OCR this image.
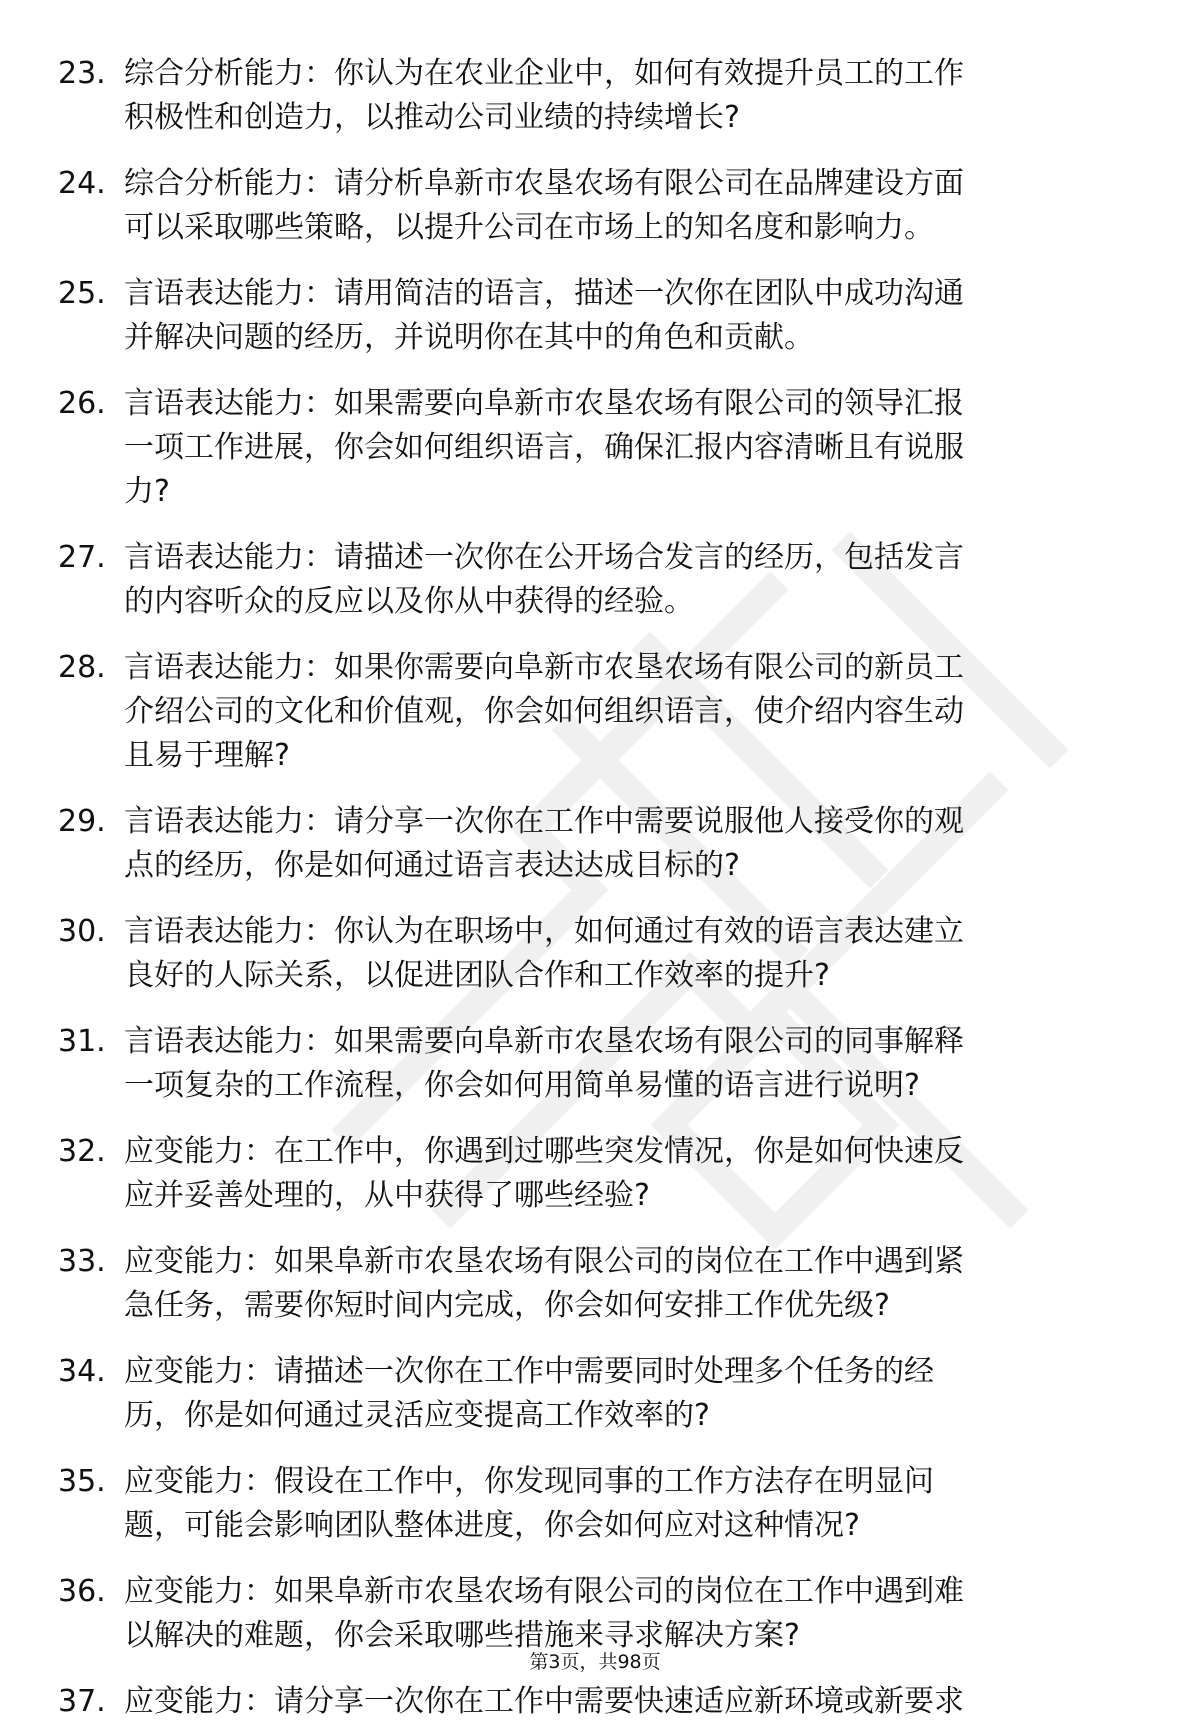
23. 综合分析能力：你认为在农业企业中，如何有效提升员工的工作
积极性和创造力，以推动公司业绩的持续增长?
24. 综合分析能力：请分析阜新市农垦农场有限公司在品牌建设方面
可以采取哪些策略，以提升公司在市场上的知名度和影响力。
25. 言语表达能力：请用简洁的语言，描述一次你在团队中成功沟通
并解决问题的经历，并说明你在其中的角色和贡献。
26. 言语表达能力：如果需要向阜新市农垦农场有限公司的领导汇报
一项工作进展，你会如何组织语言，确保汇报内容清晰且有说服
力?
27. 言语表达能力：请描述一次你在公开场合发言的经历，包括发言
的内容听众的反应以及你从中获得的经验。
28. 言语表达能力：如果你需要向阜新市农垦农场有限公司的新员工
介绍公司的文化和价值观，你会如何组织语言，使介绍内容生动
且易于理解?
29. 言语表达能力：请分享一次你在工作中需要说服他人接受你的观
点的经历，你是如何通过语言表达达成目标的?
30. 言语表达能力：你认为在职场中，如何通过有效的语言表达建立
良好的人际关系，以促进团队合作和工作效率的提升?
31. 言语表达能力：如果需要向阜新市农垦农场有限公司的同事解释
一项复杂的工作流程，你会如何用简单易懂的语言进行说明?
32. 应变能力：在工作中，你遇到过哪些突发情况，你是如何快速反
应并妥善处理的，从中获得了哪些经验?
33. 应变能力：如果阜新市农垦农场有限公司的岗位在工作中遇到紧
急任务，需要你短时间内完成，你会如何安排工作优先级?
34. 应变能力：请描述一次你在工作中需要同时处理多个任务的经
历，你是如何通过灵活应变提高工作效率的?
35. 应变能力：假设在工作中，你发现同事的工作方法存在明显问
题，可能会影响团队整体进度，你会如何应对这种情况?
36. 应变能力：如果阜新市农垦农场有限公司的岗位在工作中遇到难
以解决的难题，你会采取哪些措施来寻求解决方案?
37. 应变能力：请分享一次你在工作中需要快速适应新环境或新要求
第3页，共98页
